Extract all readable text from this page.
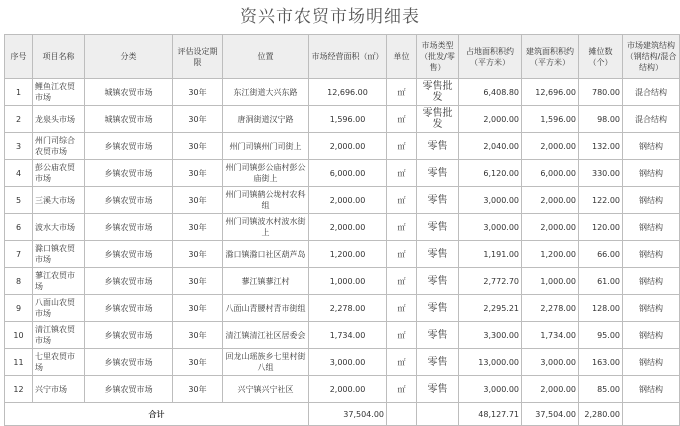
资兴市农贸市场明细表
序号	项目名称	分类	评估设定期限	位置	市场经营面积（㎡）	单位	市场类型（批发/零售）	占地面积积约（平方米）	建筑面积积约（平方米）	摊位数（个）	市场建筑结构（钢结构/混合结构）
1	鲤鱼江农贸市场	城镇农贸市场	30年	东江街道大兴东路	12,696.00	㎡	零售批发	6,408.80	12,696.00	780.00	混合结构
2	龙泉头市场	城镇农贸市场	30年	唐洞街道汉宁路	1,596.00	㎡	零售批发	2,000.00	1,596.00	98.00	混合结构
3	州门司综合农贸市场	乡镇农贸市场	30年	州门司镇州门司街上	2,000.00	㎡	零售	2,040.00	2,000.00	132.00	钢结构
4	彭公庙农贸市场	乡镇农贸市场	30年	州门司镇彭公庙村彭公庙街上	6,000.00	㎡	零售	6,120.00	6,000.00	330.00	钢结构
5	三溪大市场	乡镇农贸市场	30年	州门司镇鹤公垅村农科组	2,000.00	㎡	零售	3,000.00	2,000.00	122.00	钢结构
6	波水大市场	乡镇农贸市场	30年	州门司镇波水村波水街上	2,000.00	㎡	零售	3,000.00	2,000.00	120.00	钢结构
7	滁口镇农贸市场	乡镇农贸市场	30年	滁口镇滁口社区葫芦岛	1,200.00	㎡	零售	1,191.00	1,200.00	66.00	钢结构
8	蓼江农贸市场	乡镇农贸市场	30年	蓼江镇蓼江村	1,000.00	㎡	零售	2,772.70	1,000.00	61.00	钢结构
9	八面山农贸市场	乡镇农贸市场	30年	八面山青腰村青市街组	2,278.00	㎡	零售	2,295.21	2,278.00	128.00	钢结构
10	清江镇农贸市场	乡镇农贸市场	30年	清江镇清江社区居委会	1,734.00	㎡	零售	3,300.00	1,734.00	95.00	钢结构
11	七里农贸市场	乡镇农贸市场	30年	回龙山瑶族乡七里村街八组	3,000.00	㎡	零售	13,000.00	3,000.00	163.00	钢结构
12	兴宁市场	乡镇农贸市场	30年	兴宁镇兴宁社区	2,000.00	㎡	零售	3,000.00	2,000.00	85.00	钢结构
合计					37,504.00			48,127.71	37,504.00	2,280.00	
